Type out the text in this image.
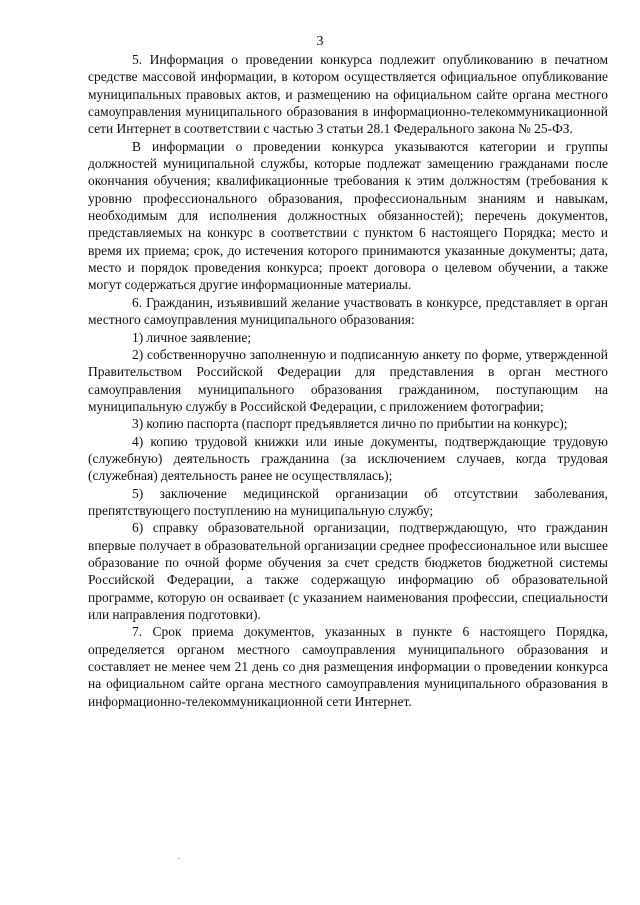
3

5. Информация о проведении конкурса подлежит опубликованию в печатном средстве массовой информации, в котором осуществляется официальное опубликование муниципальных правовых актов, и размещению на официальном сайте органа местного самоуправления муниципального образования в информационно-телекоммуникационной сети Интернет в соответствии с частью 3 статьи 28.1 Федерального закона № 25-ФЗ.

В информации о проведении конкурса указываются категории и группы должностей муниципальной службы, которые подлежат замещению гражданами после окончания обучения; квалификационные требования к этим должностям (требования к уровню профессионального образования, профессиональным знаниям и навыкам, необходимым для исполнения должностных обязанностей); перечень документов, представляемых на конкурс в соответствии с пунктом 6 настоящего Порядка; место и время их приема; срок, до истечения которого принимаются указанные документы; дата, место и порядок проведения конкурса; проект договора о целевом обучении, а также могут содержаться другие информационные материалы.

6. Гражданин, изъявивший желание участвовать в конкурсе, представляет в орган местного самоуправления муниципального образования:

1) личное заявление;

2) собственноручно заполненную и подписанную анкету по форме, утвержденной Правительством Российской Федерации для представления в орган местного самоуправления муниципального образования гражданином, поступающим на муниципальную службу в Российской Федерации, с приложением фотографии;

3) копию паспорта (паспорт предъявляется лично по прибытии на конкурс);

4) копию трудовой книжки или иные документы, подтверждающие трудовую (служебную) деятельность гражданина (за исключением случаев, когда трудовая (служебная) деятельность ранее не осуществлялась);

5) заключение медицинской организации об отсутствии заболевания, препятствующего поступлению на муниципальную службу;

6) справку образовательной организации, подтверждающую, что гражданин впервые получает в образовательной организации среднее профессиональное или высшее образование по очной форме обучения за счет средств бюджетов бюджетной системы Российской Федерации, а также содержащую информацию об образовательной программе, которую он осваивает (с указанием наименования профессии, специальности или направления подготовки).

7. Срок приема документов, указанных в пункте 6 настоящего Порядка, определяется органом местного самоуправления муниципального образования и составляет не менее чем 21 день со дня размещения информации о проведении конкурса на официальном сайте органа местного самоуправления муниципального образования в информационно-телекоммуникационной сети Интернет.
